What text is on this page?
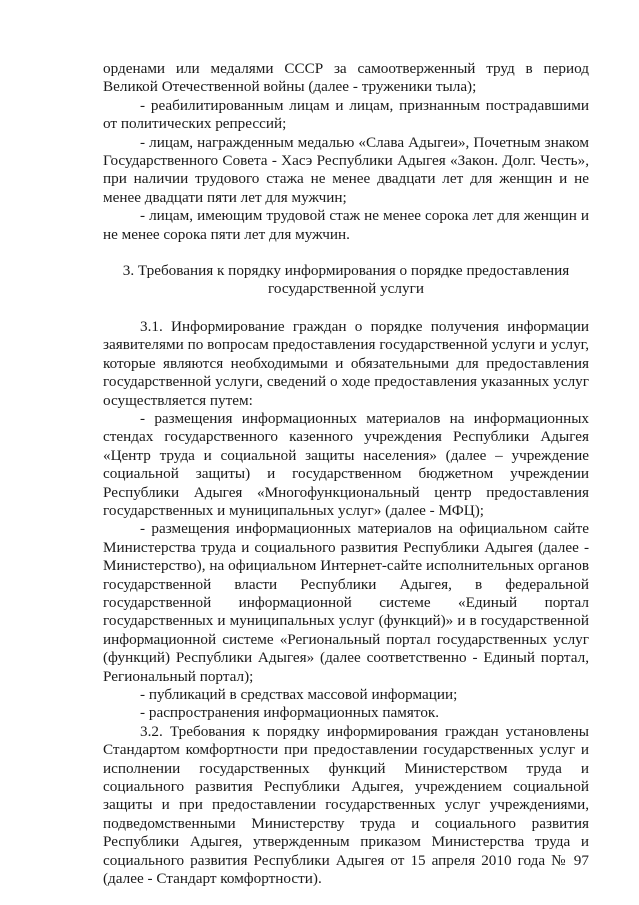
орденами или медалями СССР за самоотверженный труд в период Великой Отечественной войны (далее - труженики тыла);

- реабилитированным лицам и лицам, признанным пострадавшими от политических репрессий;

- лицам, награжденным медалью «Слава Адыгеи», Почетным знаком Государственного Совета - Хасэ Республики Адыгея «Закон. Долг. Честь», при наличии трудового стажа не менее двадцати лет для женщин и не менее двадцати пяти лет для мужчин;

- лицам, имеющим трудовой стаж не менее сорока лет для женщин и не менее сорока пяти лет для мужчин.

3. Требования к порядку информирования о порядке предоставления государственной услуги

3.1. Информирование граждан о порядке получения информации заявителями по вопросам предоставления государственной услуги и услуг, которые являются необходимыми и обязательными для предоставления государственной услуги, сведений о ходе предоставления указанных услуг осуществляется путем:

- размещения информационных материалов на информационных стендах государственного казенного учреждения Республики Адыгея «Центр труда и социальной защиты населения» (далее – учреждение социальной защиты) и государственном бюджетном учреждении Республики Адыгея «Многофункциональный центр предоставления государственных и муниципальных услуг» (далее - МФЦ);

- размещения информационных материалов на официальном сайте Министерства труда и социального развития Республики Адыгея (далее - Министерство), на официальном Интернет-сайте исполнительных органов государственной власти Республики Адыгея, в федеральной государственной информационной системе «Единый портал государственных и муниципальных услуг (функций)» и в государственной информационной системе «Региональный портал государственных услуг (функций) Республики Адыгея» (далее соответственно - Единый портал, Региональный портал);

- публикаций в средствах массовой информации;

- распространения информационных памяток.

3.2. Требования к порядку информирования граждан установлены Стандартом комфортности при предоставлении государственных услуг и исполнении государственных функций Министерством труда и социального развития Республики Адыгея, учреждением социальной защиты и при предоставлении государственных услуг учреждениями, подведомственными Министерству труда и социального развития Республики Адыгея, утвержденным приказом Министерства труда и социального развития Республики Адыгея от 15 апреля 2010 года № 97 (далее - Стандарт комфортности).
